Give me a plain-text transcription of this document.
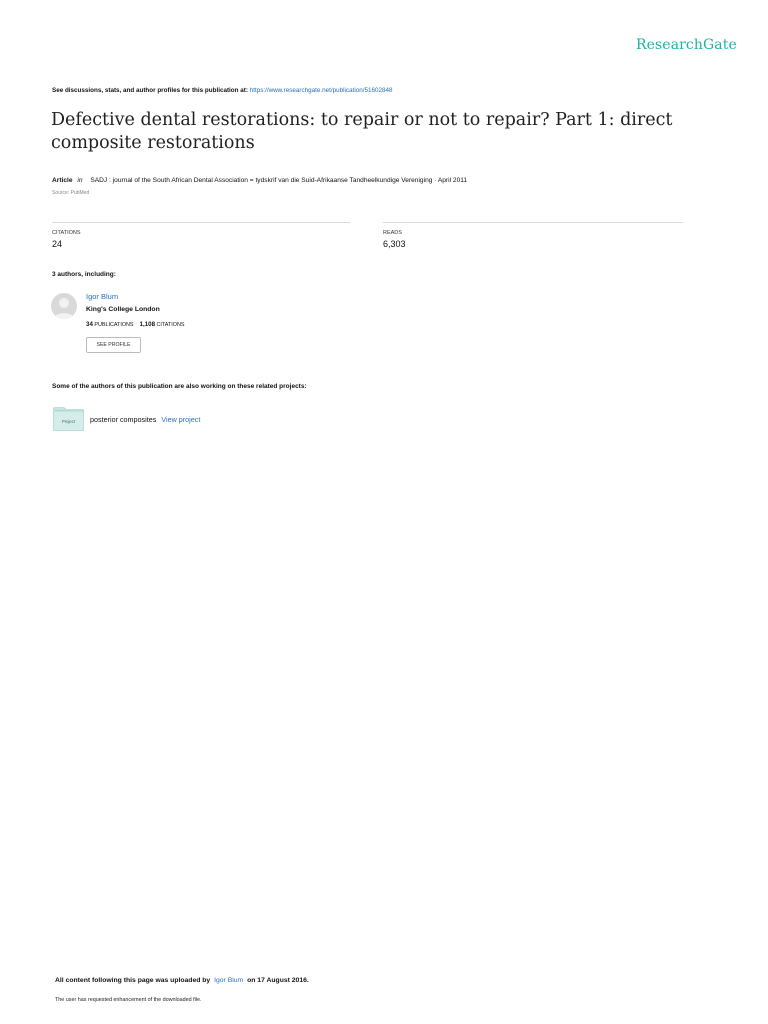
ResearchGate
See discussions, stats, and author profiles for this publication at: https://www.researchgate.net/publication/51602848
Defective dental restorations: to repair or not to repair? Part 1: direct composite restorations
Article in SADJ : journal of the South African Dental Association = tydskrif van die Suid-Afrikaanse Tandheelkundige Vereniging · April 2011
Source: PubMed
CITATIONS
24
READS
6,303
3 authors, including:
Igor Blum
King's College London
34 PUBLICATIONS 1,108 CITATIONS
SEE PROFILE
Some of the authors of this publication are also working on these related projects:
Project posterior composites View project
All content following this page was uploaded by Igor Blum on 17 August 2016.
The user has requested enhancement of the downloaded file.
